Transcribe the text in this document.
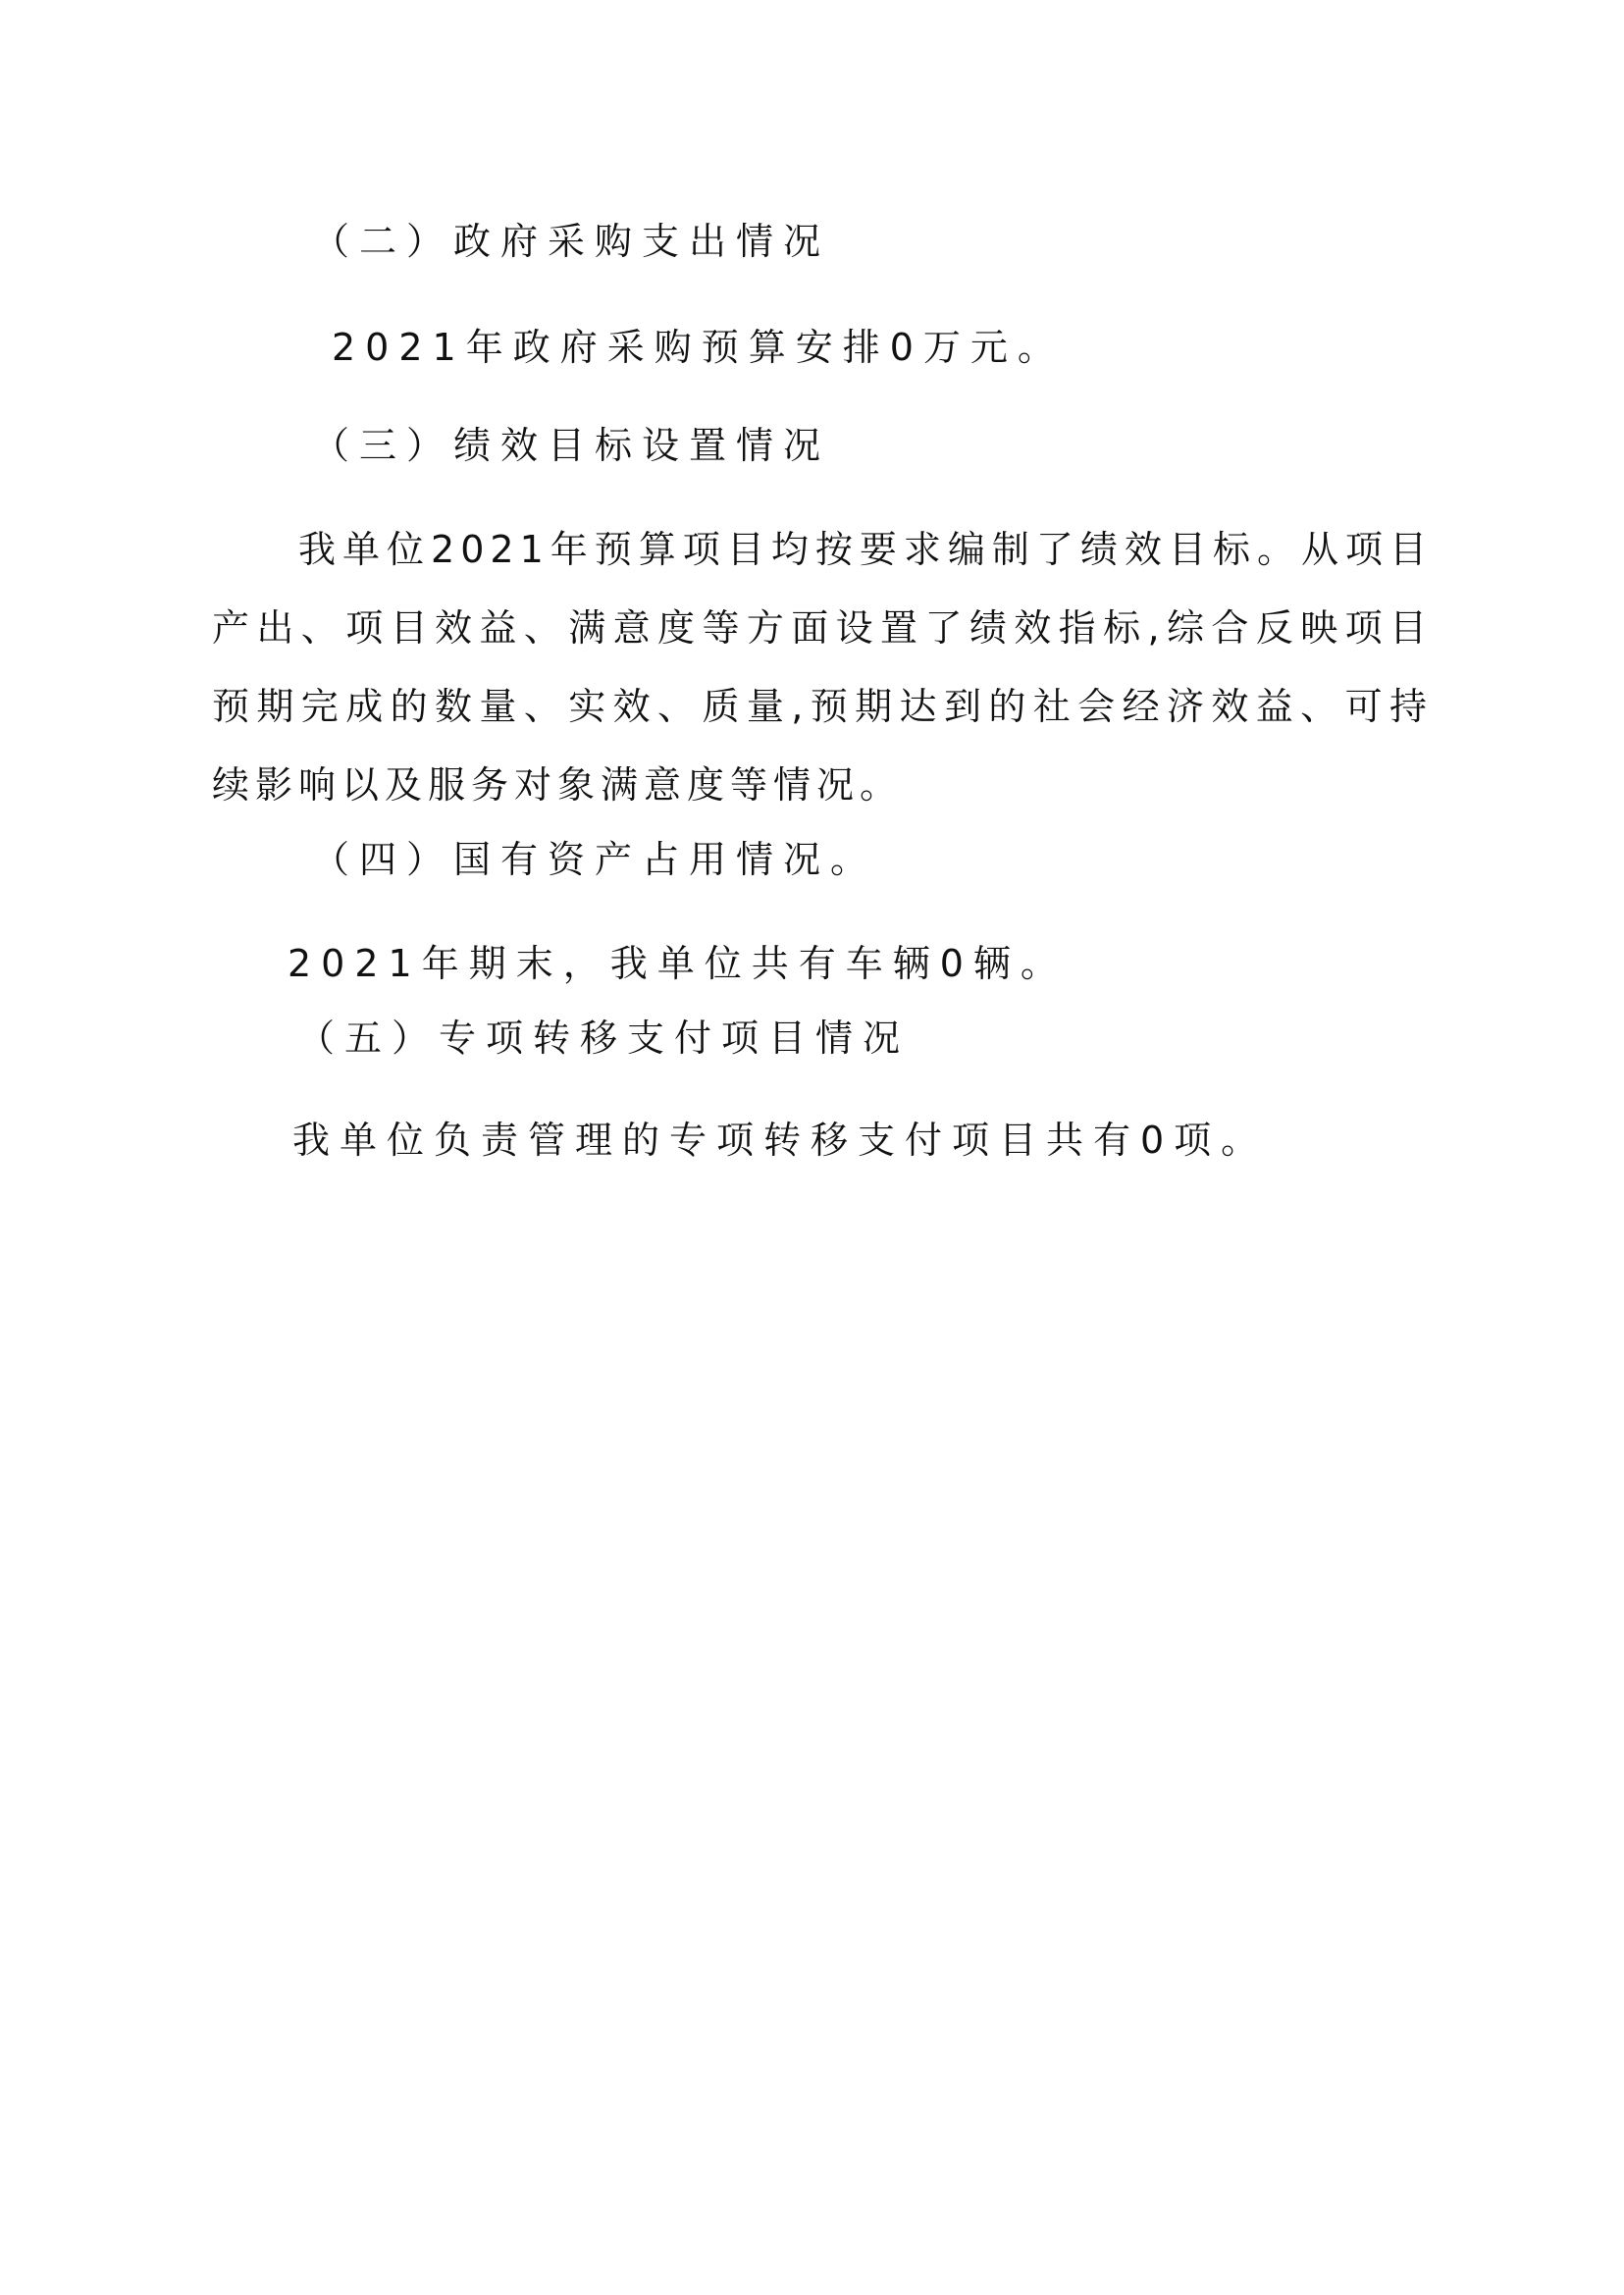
（二）政府采购支出情况
2021年政府采购预算安排0万元。
（三）绩效目标设置情况
我单位2021年预算项目均按要求编制了绩效目标。从项目产出、项目效益、满意度等方面设置了绩效指标,综合反映项目预期完成的数量、实效、质量,预期达到的社会经济效益、可持续影响以及服务对象满意度等情况。
（四）国有资产占用情况。
2021年期末，我单位共有车辆0辆。
（五）专项转移支付项目情况
我单位负责管理的专项转移支付项目共有0项。
